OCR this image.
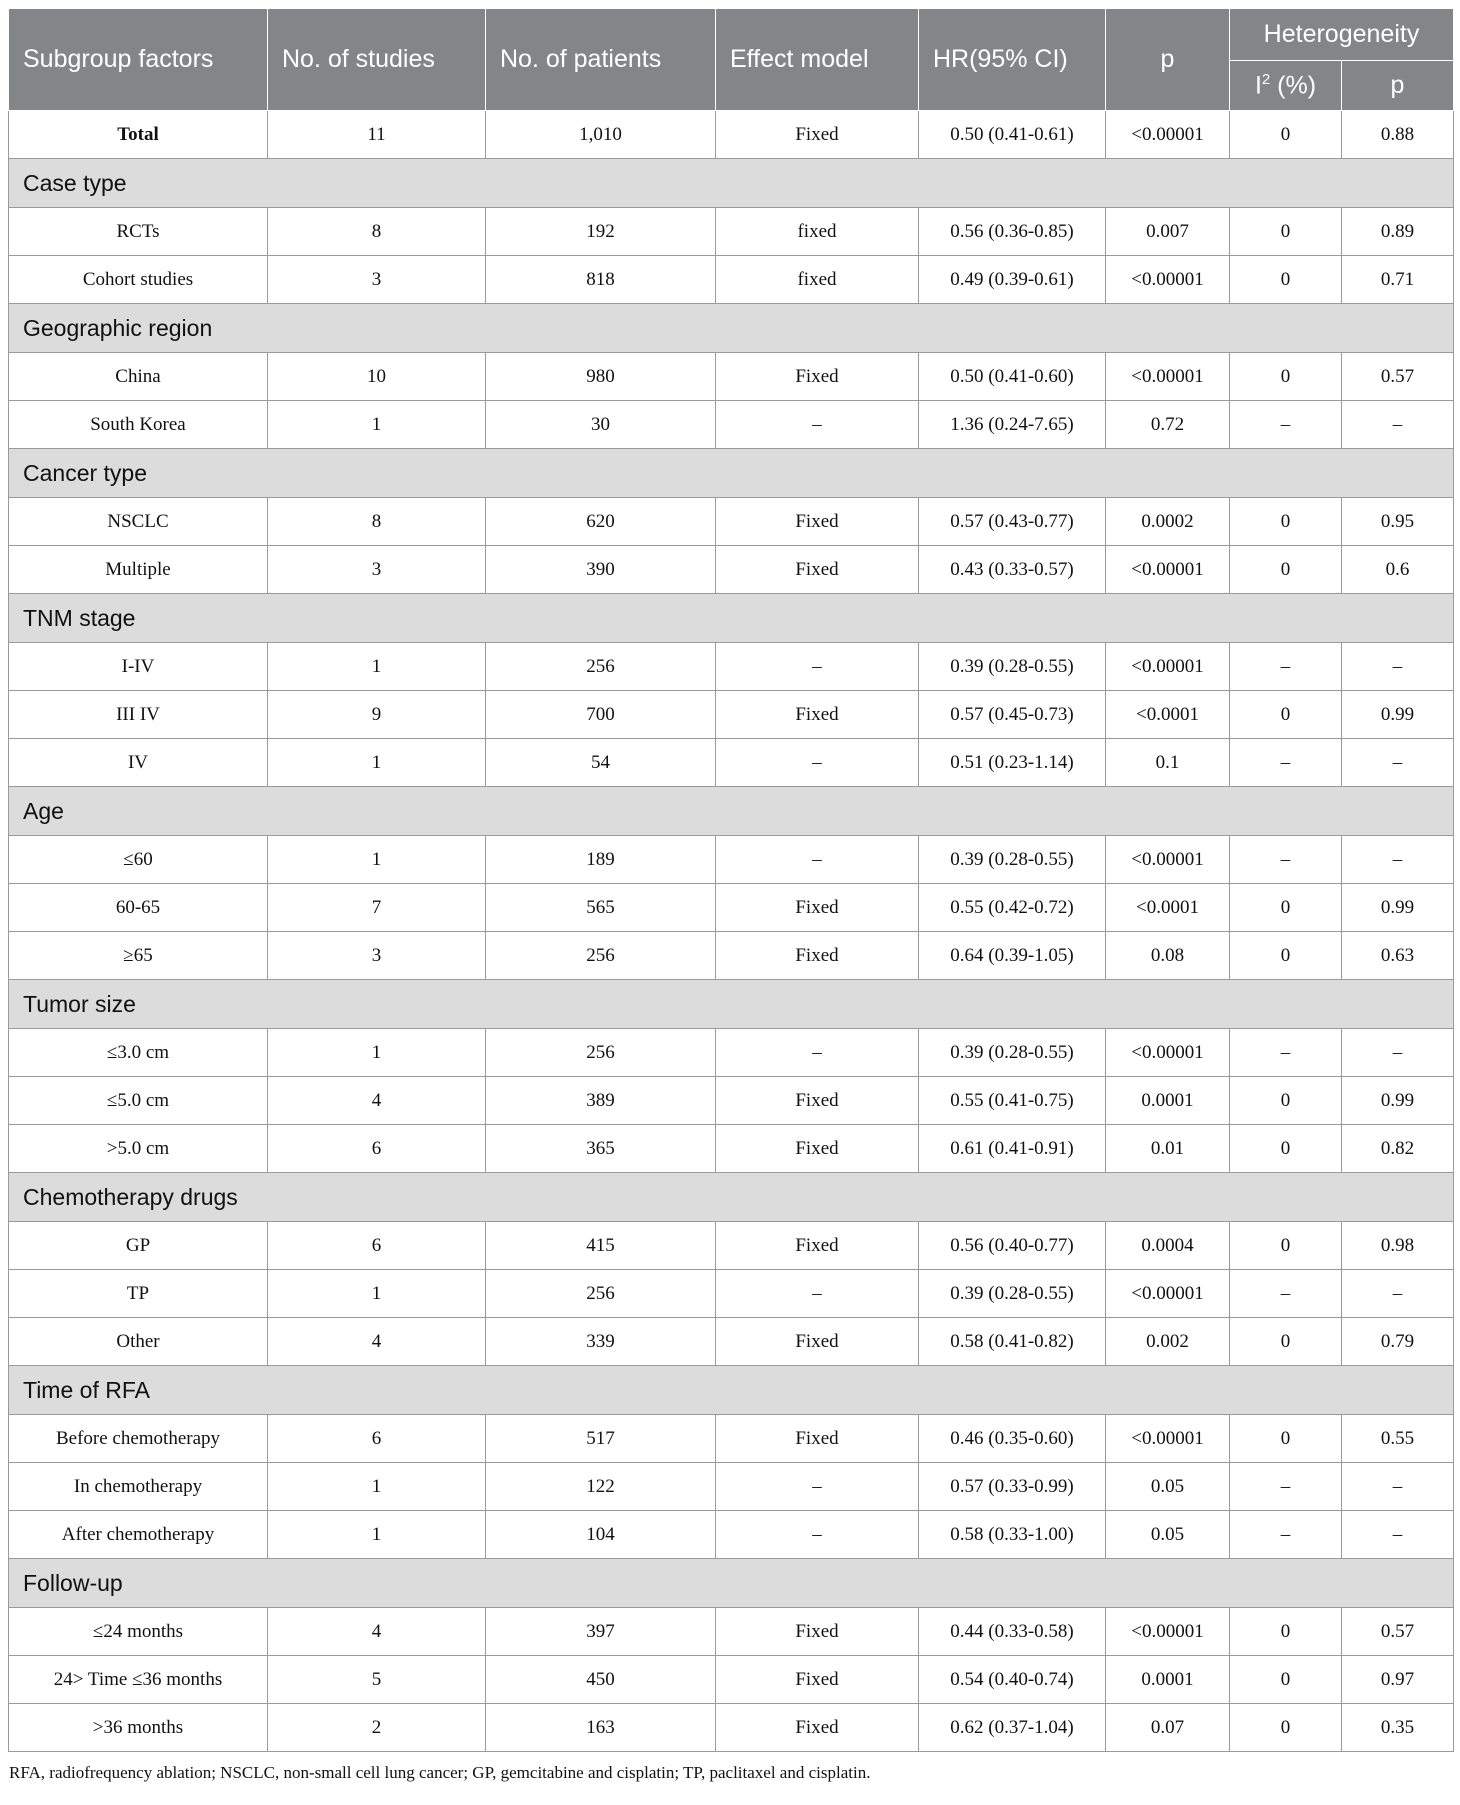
Subgroup factors	No. of studies	No. of patients	Effect model	HR(95% CI)	p	Heterogeneity	
						$I^2$ (%)	p
Total	11	1,010	Fixed	0.50 (0.41-0.61)	<0.00001	0	0.88
Case type							
RCTs	8	192	fixed	0.56 (0.36-0.85)	0.007	0	0.89
Cohort studies	3	818	fixed	0.49 (0.39-0.61)	<0.00001	0	0.71
Geographic region							
China	10	980	Fixed	0.50 (0.41-0.60)	<0.00001	0	0.57
South Korea	1	30	–	1.36 (0.24-7.65)	0.72	–	–
Cancer type							
NSCLC	8	620	Fixed	0.57 (0.43-0.77)	0.0002	0	0.95
Multiple	3	390	Fixed	0.43 (0.33-0.57)	<0.00001	0	0.6
TNM stage							
I-IV	1	256	–	0.39 (0.28-0.55)	<0.00001	–	–
III IV	9	700	Fixed	0.57 (0.45-0.73)	<0.0001	0	0.99
IV	1	54	–	0.51 (0.23-1.14)	0.1	–	–
Age							
≤60	1	189	–	0.39 (0.28-0.55)	<0.00001	–	–
60-65	7	565	Fixed	0.55 (0.42-0.72)	<0.0001	0	0.99
≥65	3	256	Fixed	0.64 (0.39-1.05)	0.08	0	0.63
Tumor size							
≤3.0 cm	1	256	–	0.39 (0.28-0.55)	<0.00001	–	–
≤5.0 cm	4	389	Fixed	0.55 (0.41-0.75)	0.0001	0	0.99
>5.0 cm	6	365	Fixed	0.61 (0.41-0.91)	0.01	0	0.82
Chemotherapy drugs							
GP	6	415	Fixed	0.56 (0.40-0.77)	0.0004	0	0.98
TP	1	256	–	0.39 (0.28-0.55)	<0.00001	–	–
Other	4	339	Fixed	0.58 (0.41-0.82)	0.002	0	0.79
Time of RFA							
Before chemotherapy	6	517	Fixed	0.46 (0.35-0.60)	<0.00001	0	0.55
In chemotherapy	1	122	–	0.57 (0.33-0.99)	0.05	–	–
After chemotherapy	1	104	–	0.58 (0.33-1.00)	0.05	–	–
Follow-up							
≤24 months	4	397	Fixed	0.44 (0.33-0.58)	<0.00001	0	0.57
24> Time ≤36 months	5	450	Fixed	0.54 (0.40-0.74)	0.0001	0	0.97
>36 months	2	163	Fixed	0.62 (0.37-1.04)	0.07	0	0.35
RFA, radiofrequency ablation; NSCLC, non-small cell lung cancer; GP, gemcitabine and cisplatin; TP, paclitaxel and cisplatin.
